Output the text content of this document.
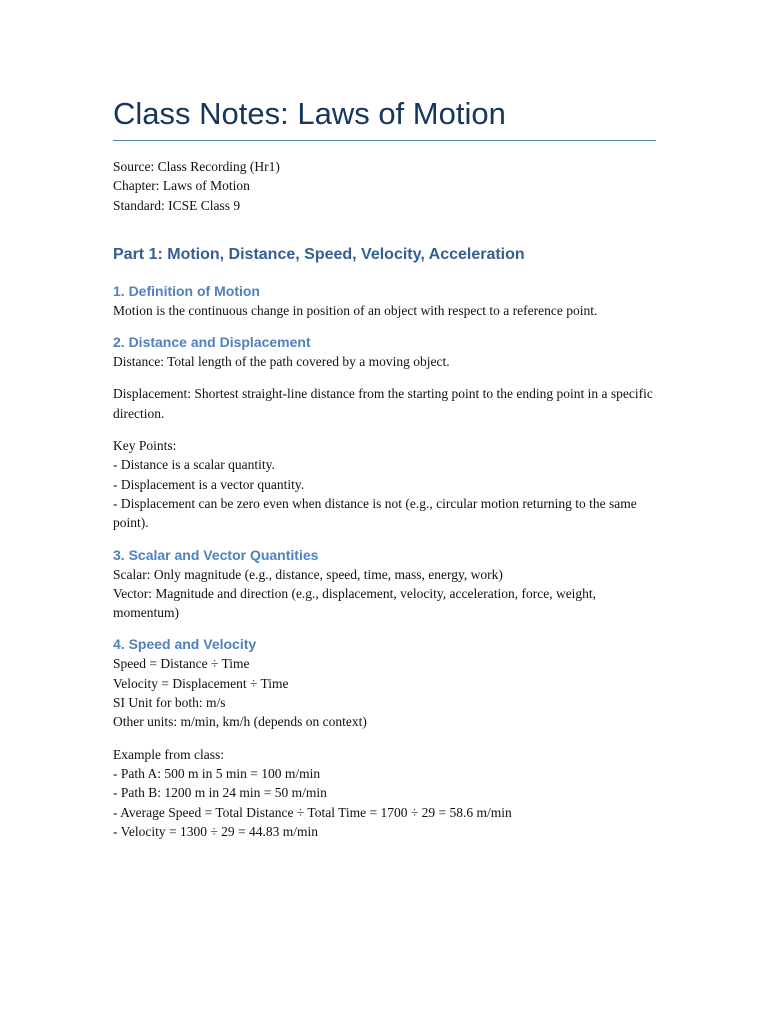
Class Notes: Laws of Motion
Source: Class Recording (Hr1)
Chapter: Laws of Motion
Standard: ICSE Class 9
Part 1: Motion, Distance, Speed, Velocity, Acceleration
1. Definition of Motion

Motion is the continuous change in position of an object with respect to a reference point.

2. Distance and Displacement

Distance: Total length of the path covered by a moving object.

Displacement: Shortest straight-line distance from the starting point to the ending point in a specific direction.

Key Points:
- Distance is a scalar quantity.
- Displacement is a vector quantity.
- Displacement can be zero even when distance is not (e.g., circular motion returning to the same point).
3. Scalar and Vector Quantities
Scalar: Only magnitude (e.g., distance, speed, time, mass, energy, work)
Vector: Magnitude and direction (e.g., displacement, velocity, acceleration, force, weight, momentum)
4. Speed and Velocity
Speed = Distance ÷ Time
Velocity = Displacement ÷ Time
SI Unit for both: m/s
Other units: m/min, km/h (depends on context)
Example from class:
- Path A: 500 m in 5 min = 100 m/min
- Path B: 1200 m in 24 min = 50 m/min
- Average Speed = Total Distance ÷ Total Time = 1700 ÷ 29 = 58.6 m/min
- Velocity = 1300 ÷ 29 = 44.83 m/min
